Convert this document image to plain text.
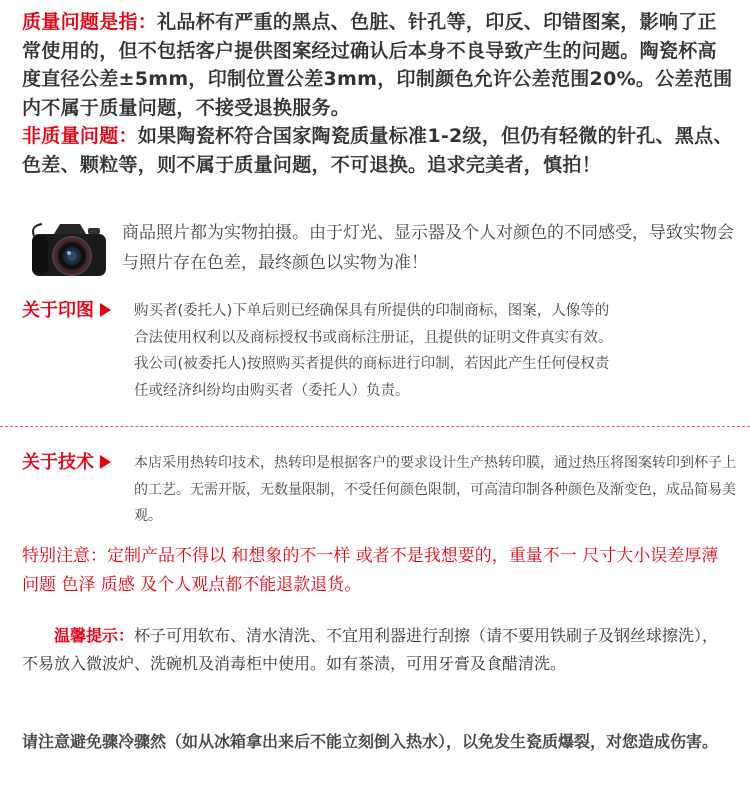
质量问题是指：礼品杯有严重的黑点、色脏、针孔等，印反、印错图案，影响了正常使用的，但不包括客户提供图案经过确认后本身不良导致产生的问题。陶瓷杯高度直径公差±5mm，印制位置公差3mm，印制颜色允许公差范围20%。公差范围内不属于质量问题，不接受退换服务。
非质量问题：如果陶瓷杯符合国家陶瓷质量标准1-2级，但仍有轻微的针孔、黑点、色差、颗粒等，则不属于质量问题，不可退换。追求完美者，慎拍！
商品照片都为实物拍摄。由于灯光、显示器及个人对颜色的不同感受，导致实物会与照片存在色差，最终颜色以实物为准！
关于印图	购买者(委托人)下单后则已经确保具有所提供的印制商标，图案，人像等的
合法使用权利以及商标授权书或商标注册证，且提供的证明文件真实有效。
我公司(被委托人)按照购买者提供的商标进行印制，若因此产生任何侵权责
任或经济纠纷均由购买者（委托人）负责。
关于技术	本店采用热转印技术，热转印是根据客户的要求设计生产热转印膜，通过热压将图案转印到杯子上的工艺。无需开版，无数量限制，不受任何颜色限制，可高清印制各种颜色及渐变色，成品简易美观。
特别注意：定制产品不得以 和想象的不一样 或者不是我想要的，重量不一 尺寸大小误差厚薄问题 色泽 质感 及个人观点都不能退款退货。
温馨提示：杯子可用软布、清水清洗、不宜用利器进行刮擦（请不要用铁刷子及钢丝球擦洗），不易放入微波炉、洗碗机及消毒柜中使用。如有茶渍，可用牙膏及食醋清洗。
请注意避免骤冷骤然（如从冰箱拿出来后不能立刻倒入热水），以免发生瓷质爆裂，对您造成伤害。
